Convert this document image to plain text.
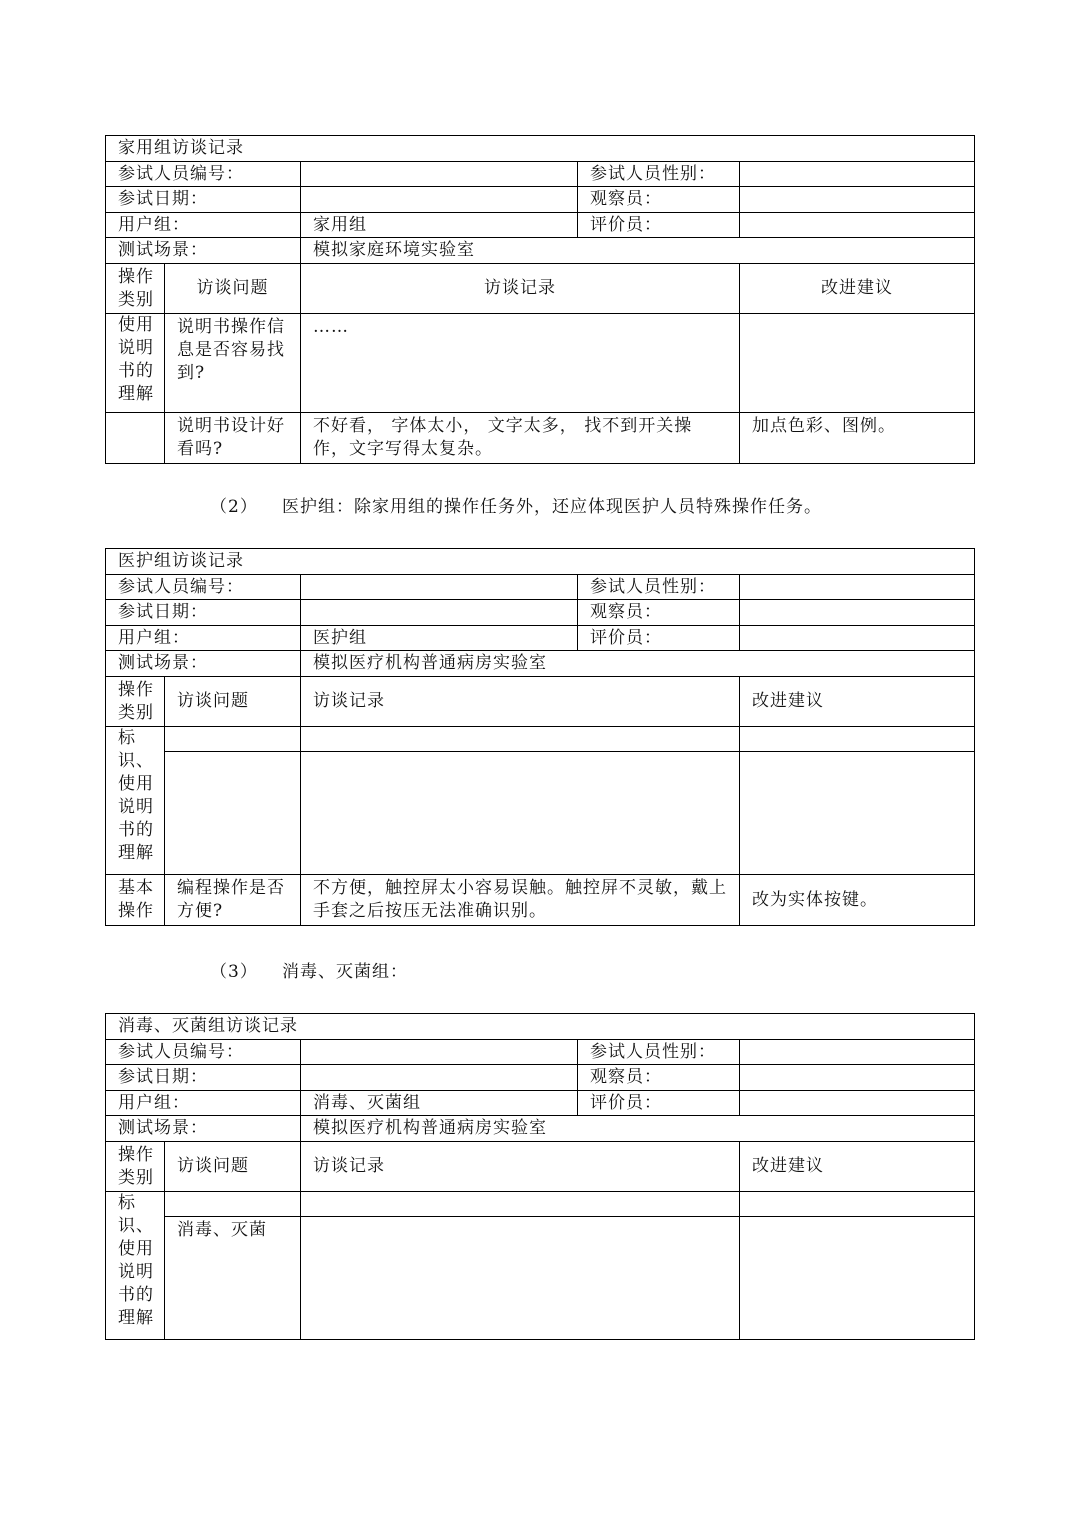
家用组访谈记录				
参试人员编号：			参试人员性别：	
参试日期：			观察员：	
用户组：		家用组	评价员：	
测试场景：		模拟家庭环境实验室		
操作类别	访谈问题	访谈记录		改进建议
使用说明书的理解	说明书操作信息是否容易找到?	……		
	说明书设计好看吗?	不好看， 字体太小， 文字太多， 找不到开关操作，文字写得太复杂。		加点色彩、图例。
（2） 医护组：除家用组的操作任务外，还应体现医护人员特殊操作任务。
医护组访谈记录				
参试人员编号：			参试人员性别：	
参试日期：			观察员：	
用户组：		医护组	评价员：	
测试场景：		模拟医疗机构普通病房实验室		
操作类别	访谈问题	访谈记录		改进建议
标识、使用说明书的理解				

基本操作	编程操作是否方便?	不方便，触控屏太小容易误触。触控屏不灵敏，戴上手套之后按压无法准确识别。		改为实体按键。
（3） 消毒、灭菌组：
消毒、灭菌组访谈记录				
参试人员编号：			参试人员性别：	
参试日期：			观察员：	
用户组：		消毒、灭菌组	评价员：	
测试场景：		模拟医疗机构普通病房实验室		
操作类别	访谈问题	访谈记录		改进建议
标识、使用说明书的理解				
	消毒、灭菌			
